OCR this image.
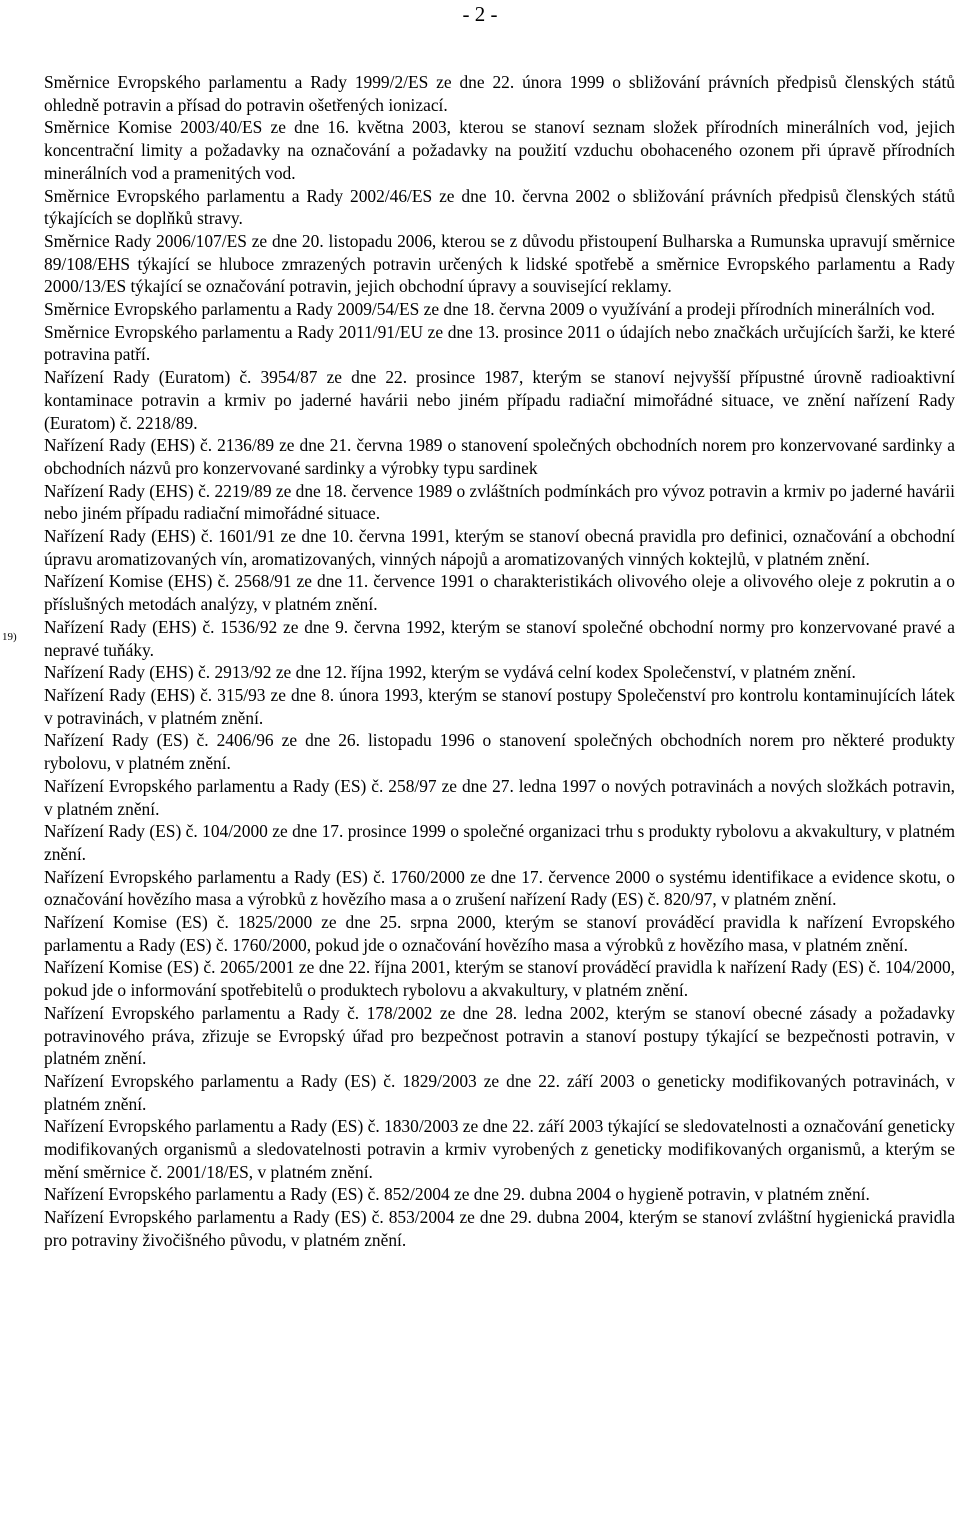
- 2 -
19)

Směrnice Evropského parlamentu a Rady 1999/2/ES ze dne 22. února 1999 o sbližování právních předpisů členských států ohledně potravin a přísad do potravin ošetřených ionizací.

Směrnice Komise 2003/40/ES ze dne 16. května 2003, kterou se stanoví seznam složek přírodních minerálních vod, jejich koncentrační limity a požadavky na označování a požadavky na použití vzduchu obohaceného ozonem při úpravě přírodních minerálních vod a pramenitých vod.

Směrnice Evropského parlamentu a Rady 2002/46/ES ze dne 10. června 2002 o sbližování právních předpisů členských států týkajících se doplňků stravy.

Směrnice Rady 2006/107/ES ze dne 20. listopadu 2006, kterou se z důvodu přistoupení Bulharska a Rumunska upravují směrnice 89/108/EHS týkající se hluboce zmrazených potravin určených k lidské spotřebě a směrnice Evropského parlamentu a Rady 2000/13/ES týkající se označování potravin, jejich obchodní úpravy a související reklamy.

Směrnice Evropského parlamentu a Rady 2009/54/ES ze dne 18. června 2009 o využívání a prodeji přírodních minerálních vod.

Směrnice Evropského parlamentu a Rady 2011/91/EU ze dne 13. prosince 2011 o údajích nebo značkách určujících šarži, ke které potravina patří.

Nařízení Rady (Euratom) č. 3954/87 ze dne 22. prosince 1987, kterým se stanoví nejvyšší přípustné úrovně radioaktivní kontaminace potravin a krmiv po jaderné havárii nebo jiném případu radiační mimořádné situace, ve znění nařízení Rady (Euratom) č. 2218/89.

Nařízení Rady (EHS) č. 2136/89 ze dne 21. června 1989 o stanovení společných obchodních norem pro konzervované sardinky a obchodních názvů pro konzervované sardinky a výrobky typu sardinek

Nařízení Rady (EHS) č. 2219/89 ze dne 18. července 1989 o zvláštních podmínkách pro vývoz potravin a krmiv po jaderné havárii nebo jiném případu radiační mimořádné situace.

Nařízení Rady (EHS) č. 1601/91 ze dne 10. června 1991, kterým se stanoví obecná pravidla pro definici, označování a obchodní úpravu aromatizovaných vín, aromatizovaných, vinných nápojů a aromatizovaných vinných koktejlů, v platném znění.

Nařízení Komise (EHS) č. 2568/91 ze dne 11. července 1991 o charakteristikách olivového oleje a olivového oleje z pokrutin a o příslušných metodách analýzy, v platném znění.

Nařízení Rady (EHS) č. 1536/92 ze dne 9. června 1992, kterým se stanoví společné obchodní normy pro konzervované pravé a nepravé tuňáky.

Nařízení Rady (EHS) č. 2913/92 ze dne 12. října 1992, kterým se vydává celní kodex Společenství, v platném znění.

Nařízení Rady (EHS) č. 315/93 ze dne 8. února 1993, kterým se stanoví postupy Společenství pro kontrolu kontaminujících látek v potravinách, v platném znění.

Nařízení Rady (ES) č. 2406/96 ze dne 26. listopadu 1996 o stanovení společných obchodních norem pro některé produkty rybolovu, v platném znění.

Nařízení Evropského parlamentu a Rady (ES) č. 258/97 ze dne 27. ledna 1997 o nových potravinách a nových složkách potravin, v platném znění.

Nařízení Rady (ES) č. 104/2000 ze dne 17. prosince 1999 o společné organizaci trhu s produkty rybolovu a akvakultury, v platném znění.

Nařízení Evropského parlamentu a Rady (ES) č. 1760/2000 ze dne 17. července 2000 o systému identifikace a evidence skotu, o označování hovězího masa a výrobků z hovězího masa a o zrušení nařízení Rady (ES) č. 820/97, v platném znění.

Nařízení Komise (ES) č. 1825/2000 ze dne 25. srpna 2000, kterým se stanoví prováděcí pravidla k nařízení Evropského parlamentu a Rady (ES) č. 1760/2000, pokud jde o označování hovězího masa a výrobků z hovězího masa, v platném znění.

Nařízení Komise (ES) č. 2065/2001 ze dne 22. října 2001, kterým se stanoví prováděcí pravidla k nařízení Rady (ES) č. 104/2000, pokud jde o informování spotřebitelů o produktech rybolovu a akvakultury, v platném znění.

Nařízení Evropského parlamentu a Rady č. 178/2002 ze dne 28. ledna 2002, kterým se stanoví obecné zásady a požadavky potravinového práva, zřizuje se Evropský úřad pro bezpečnost potravin a stanoví postupy týkající se bezpečnosti potravin, v platném znění.

Nařízení Evropského parlamentu a Rady (ES) č. 1829/2003 ze dne 22. září 2003 o geneticky modifikovaných potravinách, v platném znění.

Nařízení Evropského parlamentu a Rady (ES) č. 1830/2003 ze dne 22. září 2003 týkající se sledovatelnosti a označování geneticky modifikovaných organismů a sledovatelnosti potravin a krmiv vyrobených z geneticky modifikovaných organismů, a kterým se mění směrnice č. 2001/18/ES, v platném znění.

Nařízení Evropského parlamentu a Rady (ES) č. 852/2004 ze dne 29. dubna 2004 o hygieně potravin, v platném znění.

Nařízení Evropského parlamentu a Rady (ES) č. 853/2004 ze dne 29. dubna 2004, kterým se stanoví zvláštní hygienická pravidla pro potraviny živočišného původu, v platném znění.
